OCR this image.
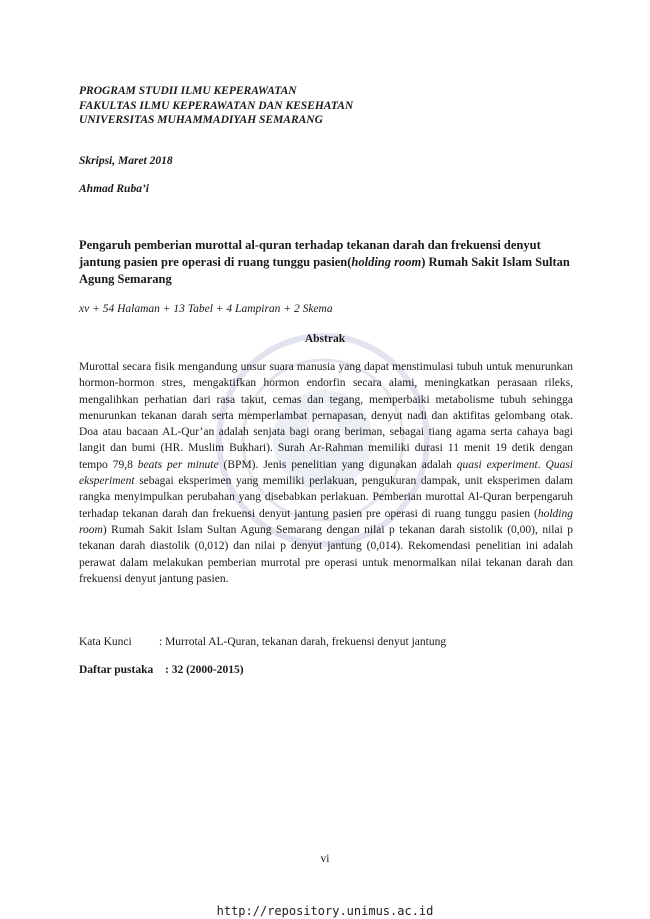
PROGRAM STUDII ILMU KEPERAWATAN
FAKULTAS ILMU KEPERAWATAN DAN KESEHATAN
UNIVERSITAS MUHAMMADIYAH SEMARANG
Skripsi, Maret 2018
Ahmad Ruba’i
Pengaruh pemberian murottal al-quran terhadap tekanan darah dan frekuensi denyut jantung pasien pre operasi di ruang tunggu pasien(holding room) Rumah Sakit Islam Sultan Agung Semarang
xv + 54 Halaman + 13 Tabel + 4 Lampiran + 2 Skema
Abstrak
Murottal secara fisik mengandung unsur suara manusia yang dapat menstimulasi tubuh untuk menurunkan hormon-hormon stres, mengaktifkan hormon endorfin secara alami, meningkatkan perasaan rileks, mengalihkan perhatian dari rasa takut, cemas dan tegang, memperbaiki metabolisme tubuh sehingga menurunkan tekanan darah serta memperlambat pernapasan, denyut nadi dan aktifitas gelombang otak. Doa atau bacaan AL-Qur’an adalah senjata bagi orang beriman, sebagai tiang agama serta cahaya bagi langit dan bumi (HR. Muslim Bukhari). Surah Ar-Rahman memiliki durasi 11 menit 19 detik dengan tempo 79,8 beats per minute (BPM). Jenis penelitian yang digunakan adalah quasi experiment. Quasi eksperiment sebagai eksperimen yang memiliki perlakuan, pengukuran dampak, unit eksperimen dalam rangka menyimpulkan perubahan yang disebabkan perlakuan. Pemberian murottal Al-Quran berpengaruh terhadap tekanan darah dan frekuensi denyut jantung pasien pre operasi di ruang tunggu pasien (holding room) Rumah Sakit Islam Sultan Agung Semarang dengan nilai p tekanan darah sistolik (0,00), nilai p tekanan darah diastolik (0,012) dan nilai p denyut jantung (0,014). Rekomendasi penelitian ini adalah perawat dalam melakukan pemberian murrotal pre operasi untuk menormalkan nilai tekanan darah dan frekuensi denyut jantung pasien.
Kata Kunci : Murrotal AL-Quran, tekanan darah, frekuensi denyut jantung
Daftar pustaka : 32 (2000-2015)
vi
http://repository.unimus.ac.id
